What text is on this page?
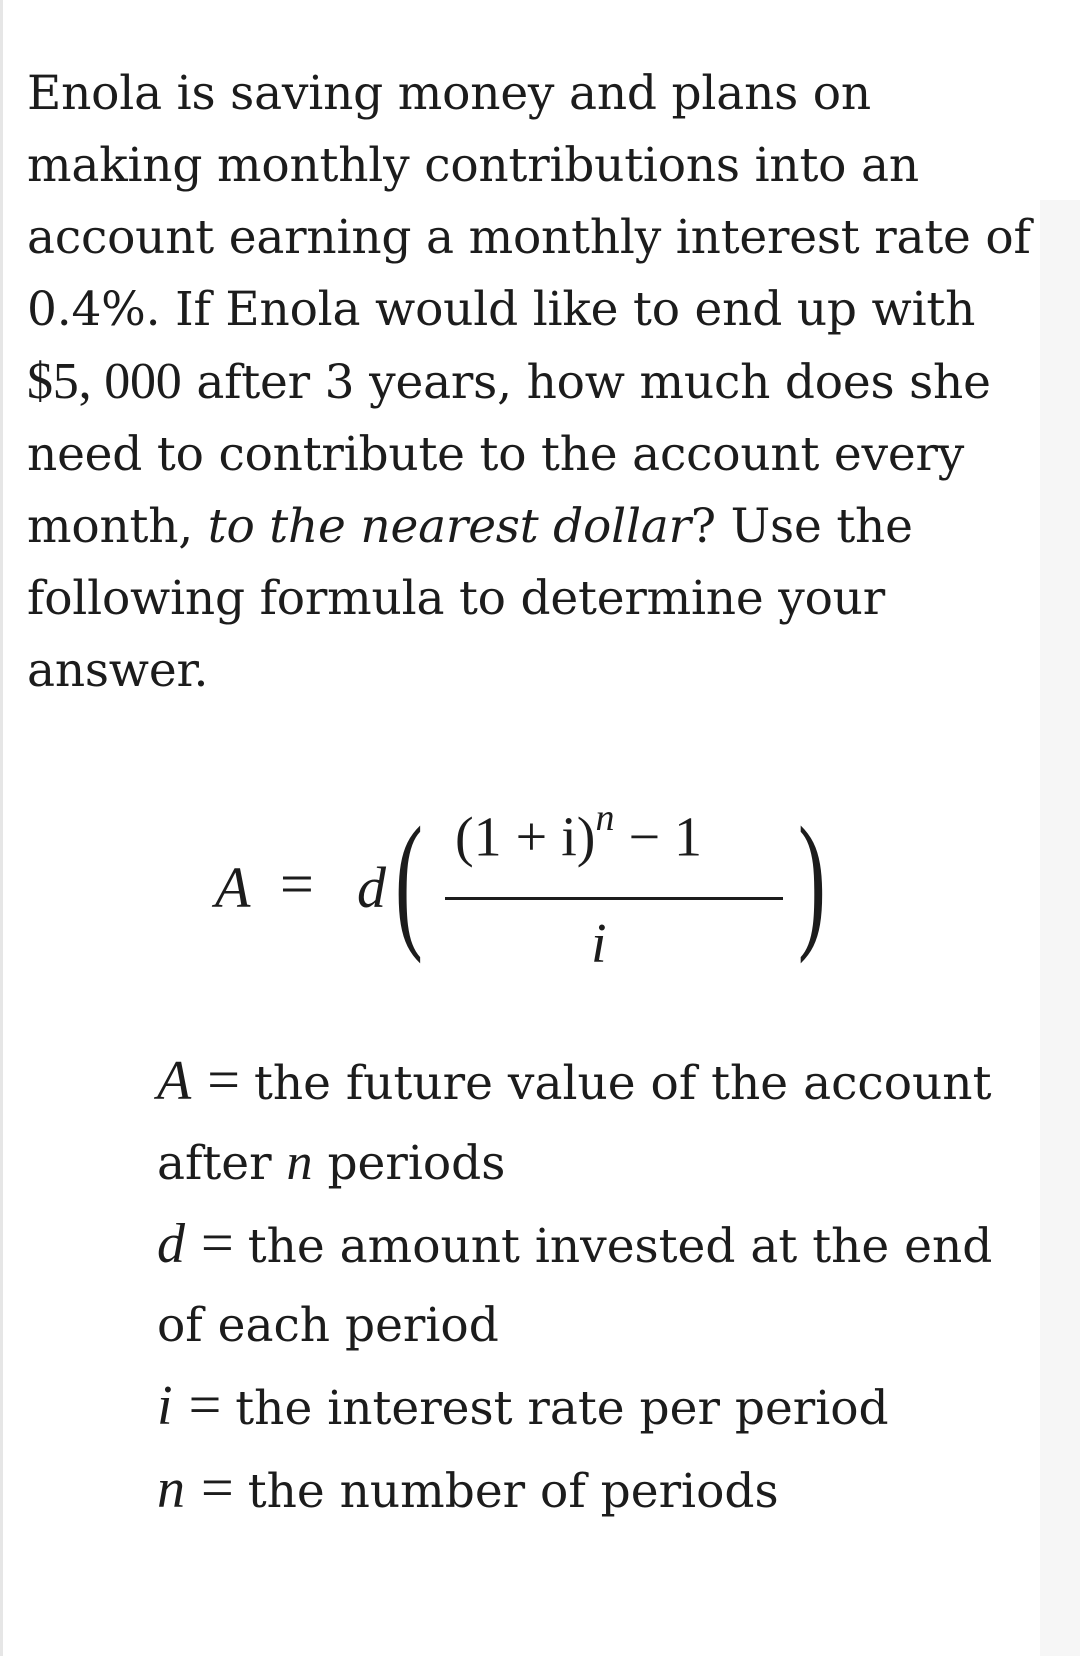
Enola is saving money and plans on making monthly contributions into an account earning a monthly interest rate of 0.4%. If Enola would like to end up with $5, 000 after 3 years, how much does she need to contribute to the account every month, to the nearest dollar? Use the following formula to determine your answer.
A = d ( $(1 + i)^n - 1$
i )
A = the future value of the account after n periods
d = the amount invested at the end of each period
i = the interest rate per period
n = the number of periods
